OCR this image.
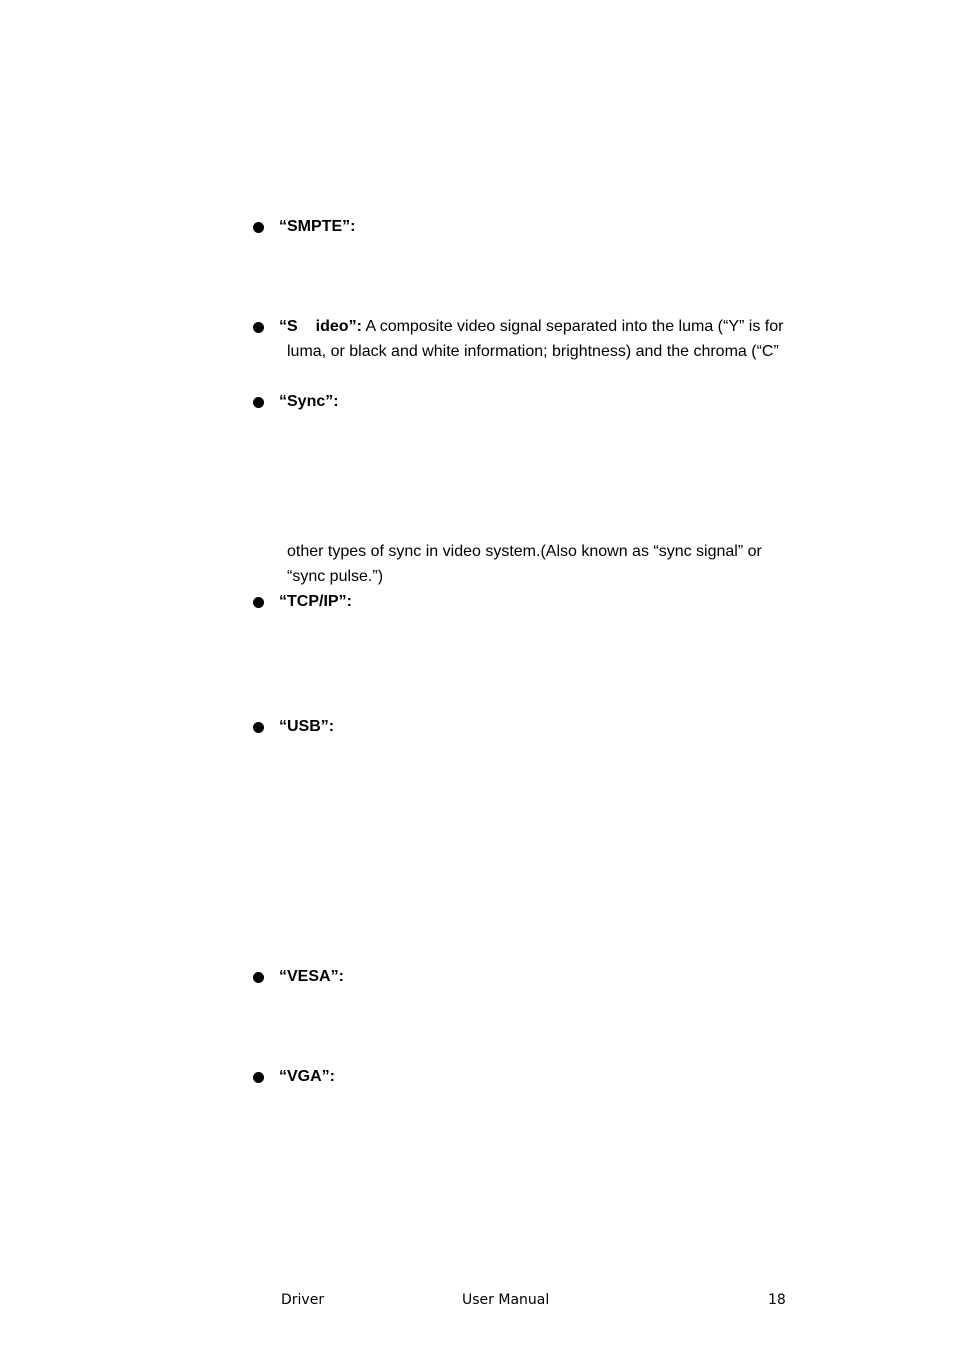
“SMPTE”:
“S ideo”: A composite video signal separated into the luma (“Y” is for
luma, or black and white information; brightness) and the chroma (“C”
“Sync”:
other types of sync in video system.(Also known as “sync signal” or
“sync pulse.”)
“TCP/IP”:
“USB”:
“VESA”:
“VGA”:
Driver	User Manual	18
